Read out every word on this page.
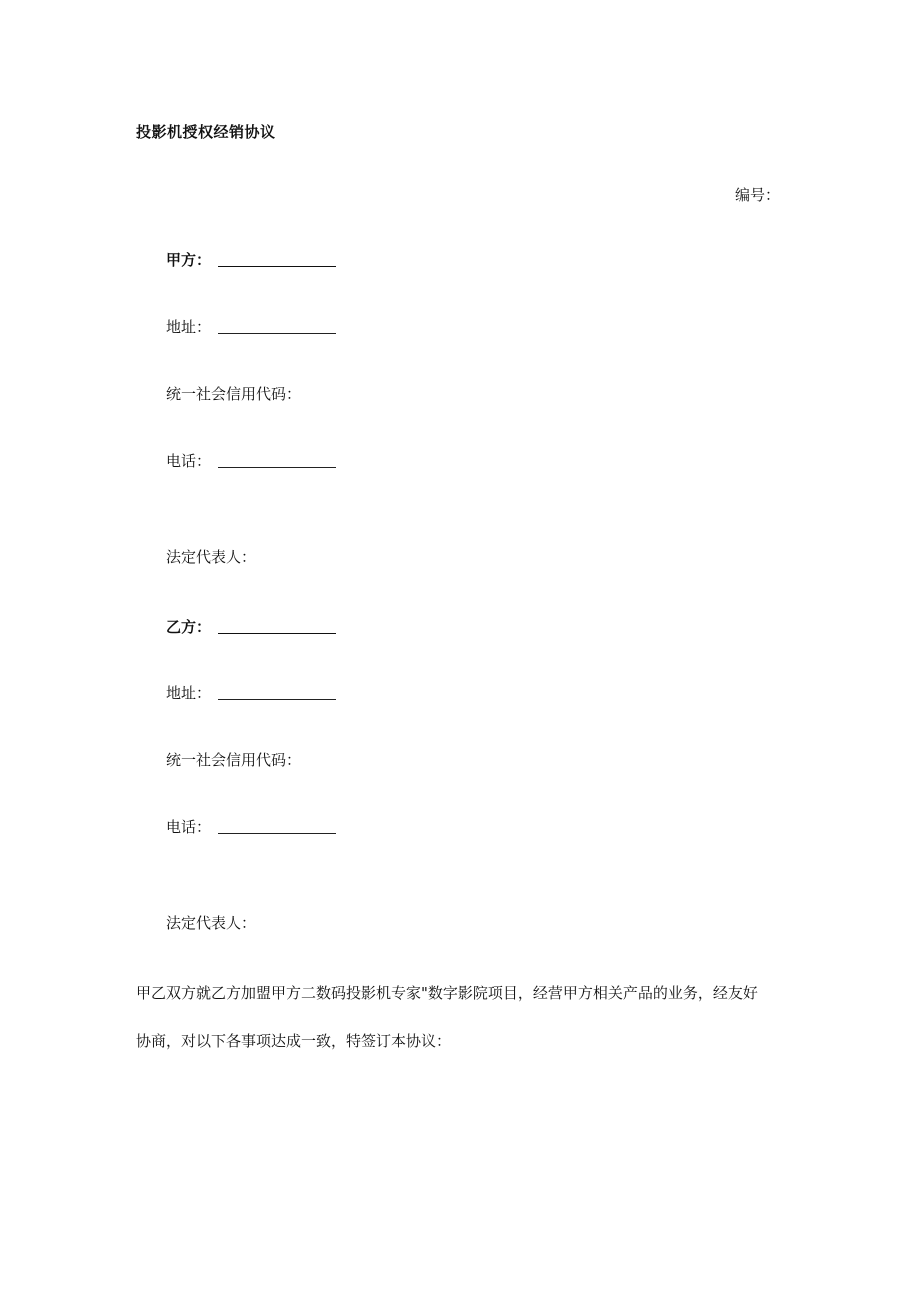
投影机授权经销协议
编号：
甲方：
地址：
统一社会信用代码：
电话：
法定代表人：
乙方：
地址：
统一社会信用代码：
电话：
法定代表人：
甲乙双方就乙方加盟甲方二数码投影机专家"数字影院项目，经营甲方相关产品的业务，经友好
协商，对以下各事项达成一致，特签订本协议：
